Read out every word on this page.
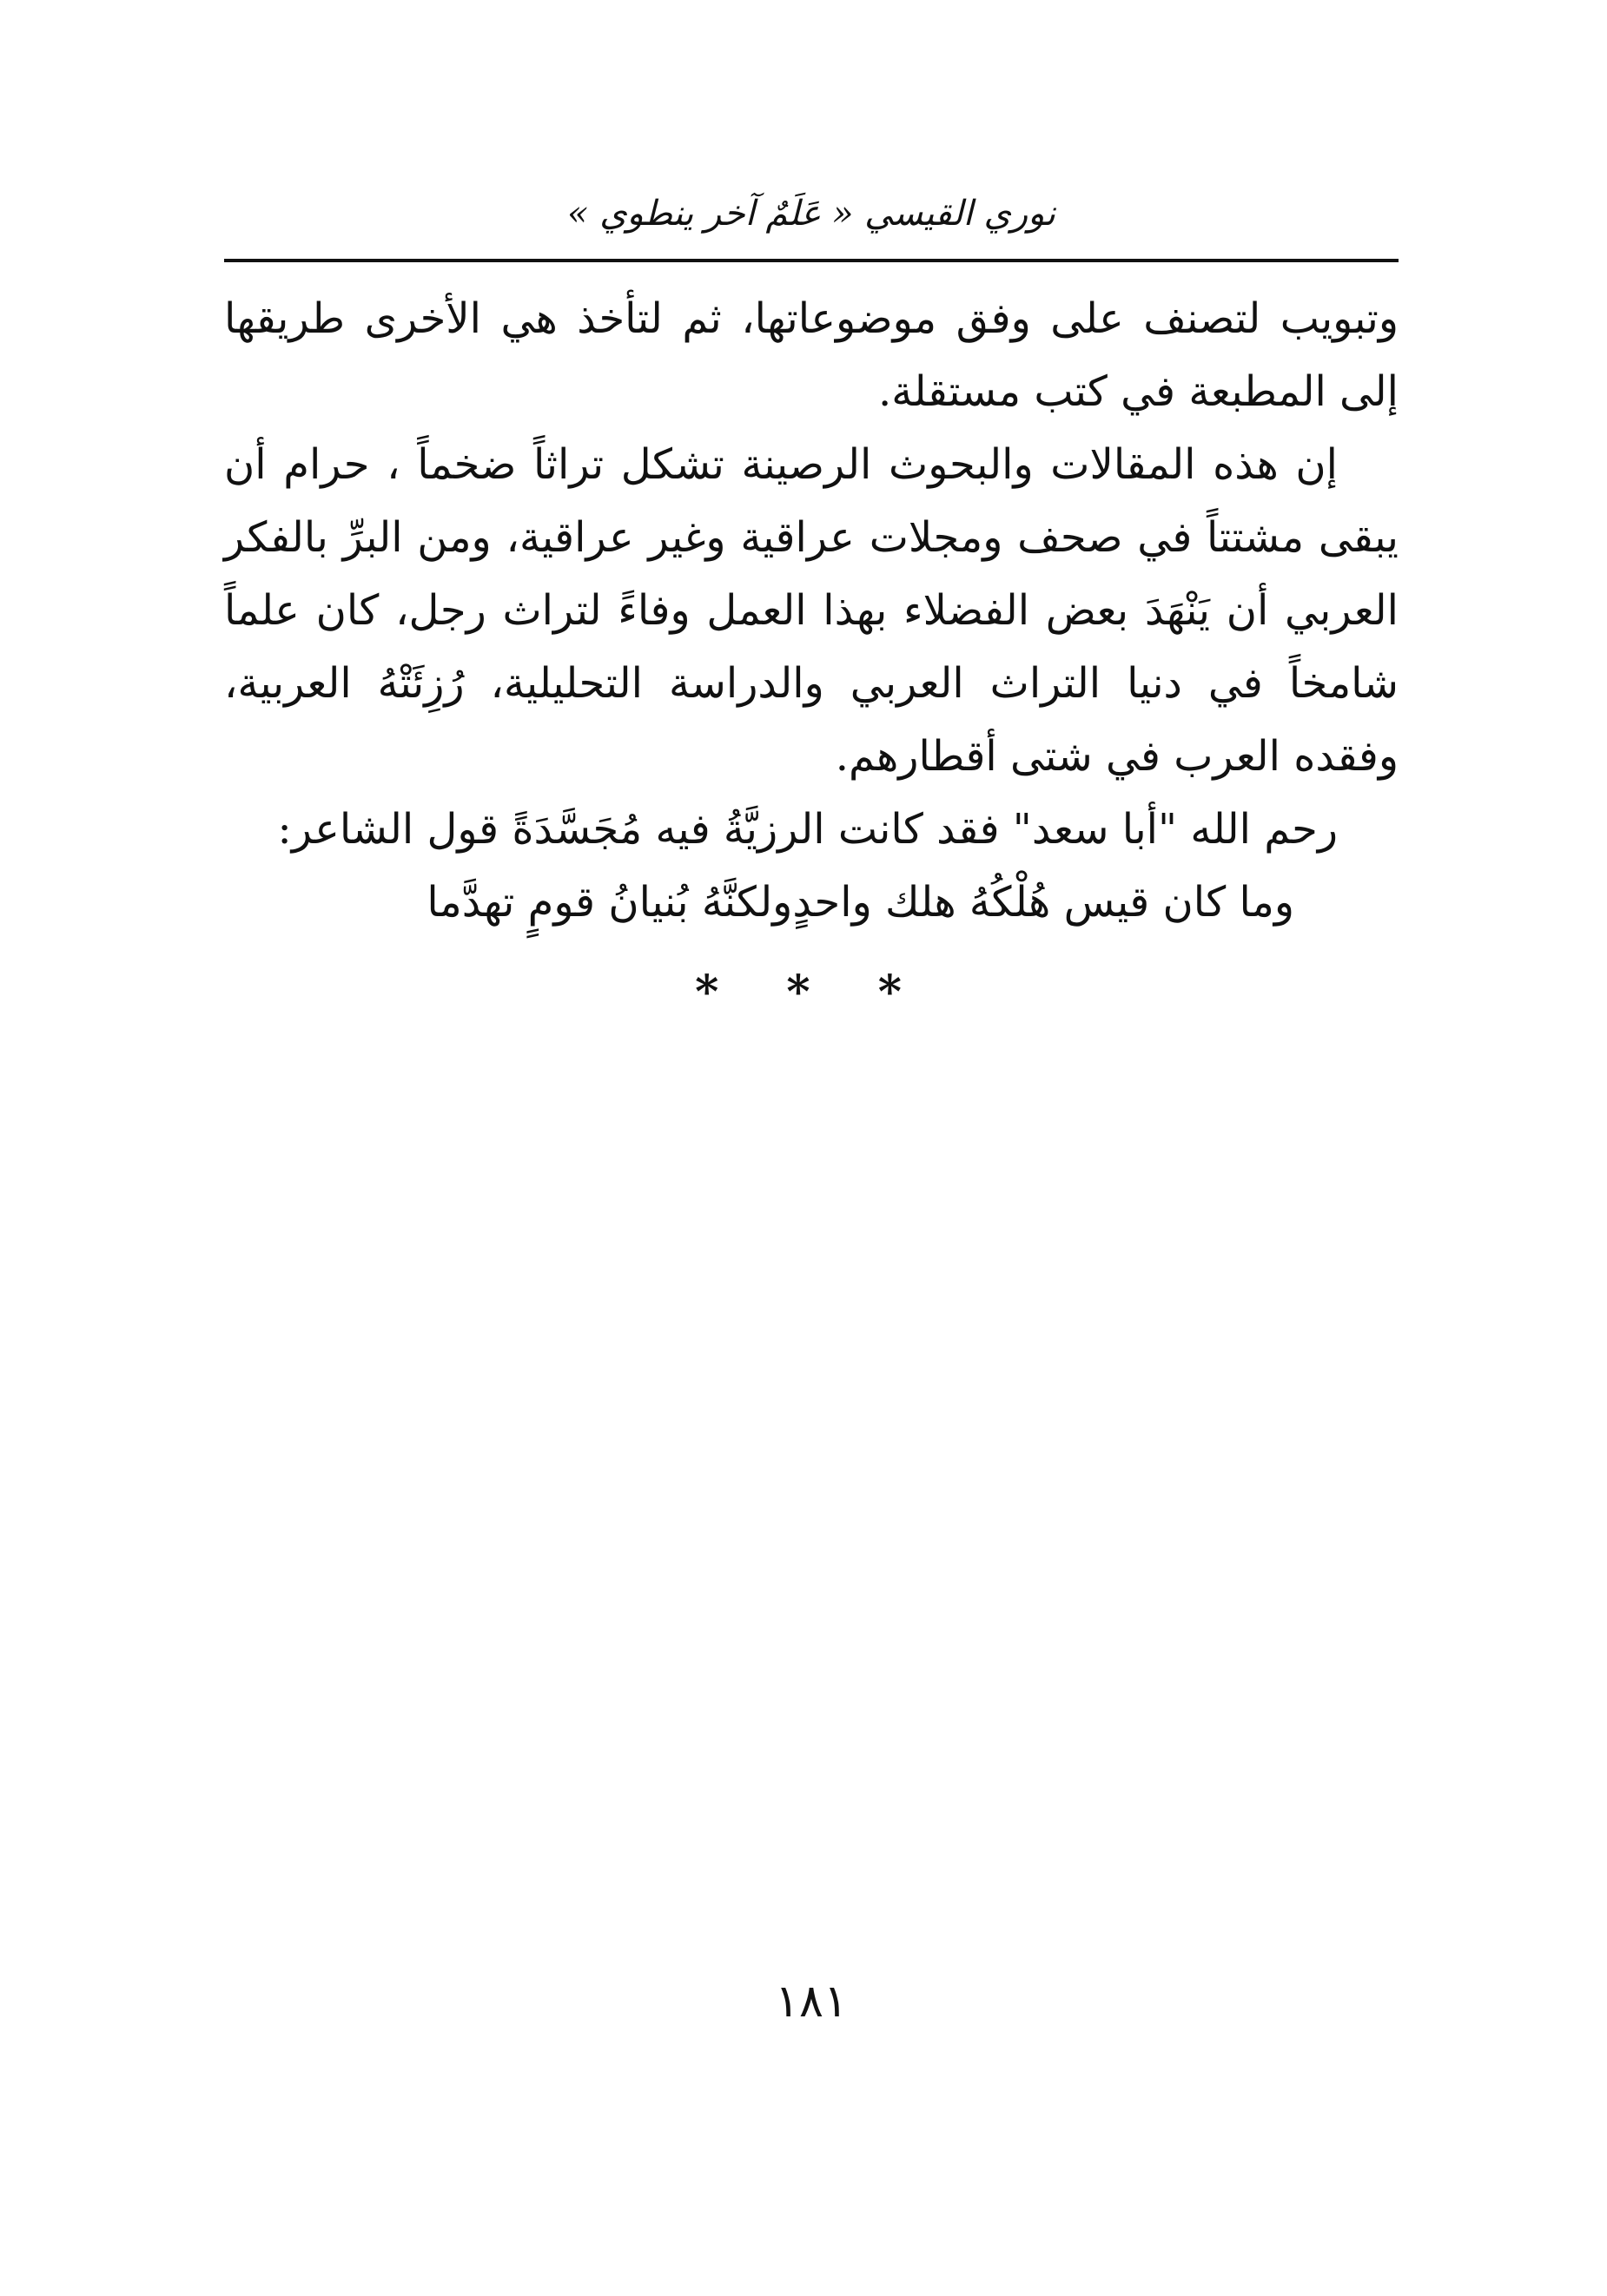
نوري القيسي « عَلَمٌ آخر ينطوي »

وتبويب لتصنف على وفق موضوعاتها، ثم لتأخذ هي الأخرى طريقها إلى المطبعة في كتب مستقلة.

إن هذه المقالات والبحوث الرصينة تشكل تراثاً ضخماً ، حرام أن يبقى مشتتاً في صحف ومجلات عراقية وغير عراقية، ومن البرِّ بالفكر العربي أن يَنْهَدَ بعض الفضلاء بهذا العمل وفاءً لتراث رجل، كان علماً شامخاً في دنيا التراث العربي والدراسة التحليلية، رُزِئَتْهُ العربية، وفقده العرب في شتى أقطارهم.

رحم الله "أبا سعد" فقد كانت الرزيَّةُ فيه مُجَسَّدَةً قول الشاعر:

وما كان قيس هُلْكُهُ هلك واحدٍ
ولكنَّهُ بُنيانُ قومٍ تهدَّما
* * *
١٨١
